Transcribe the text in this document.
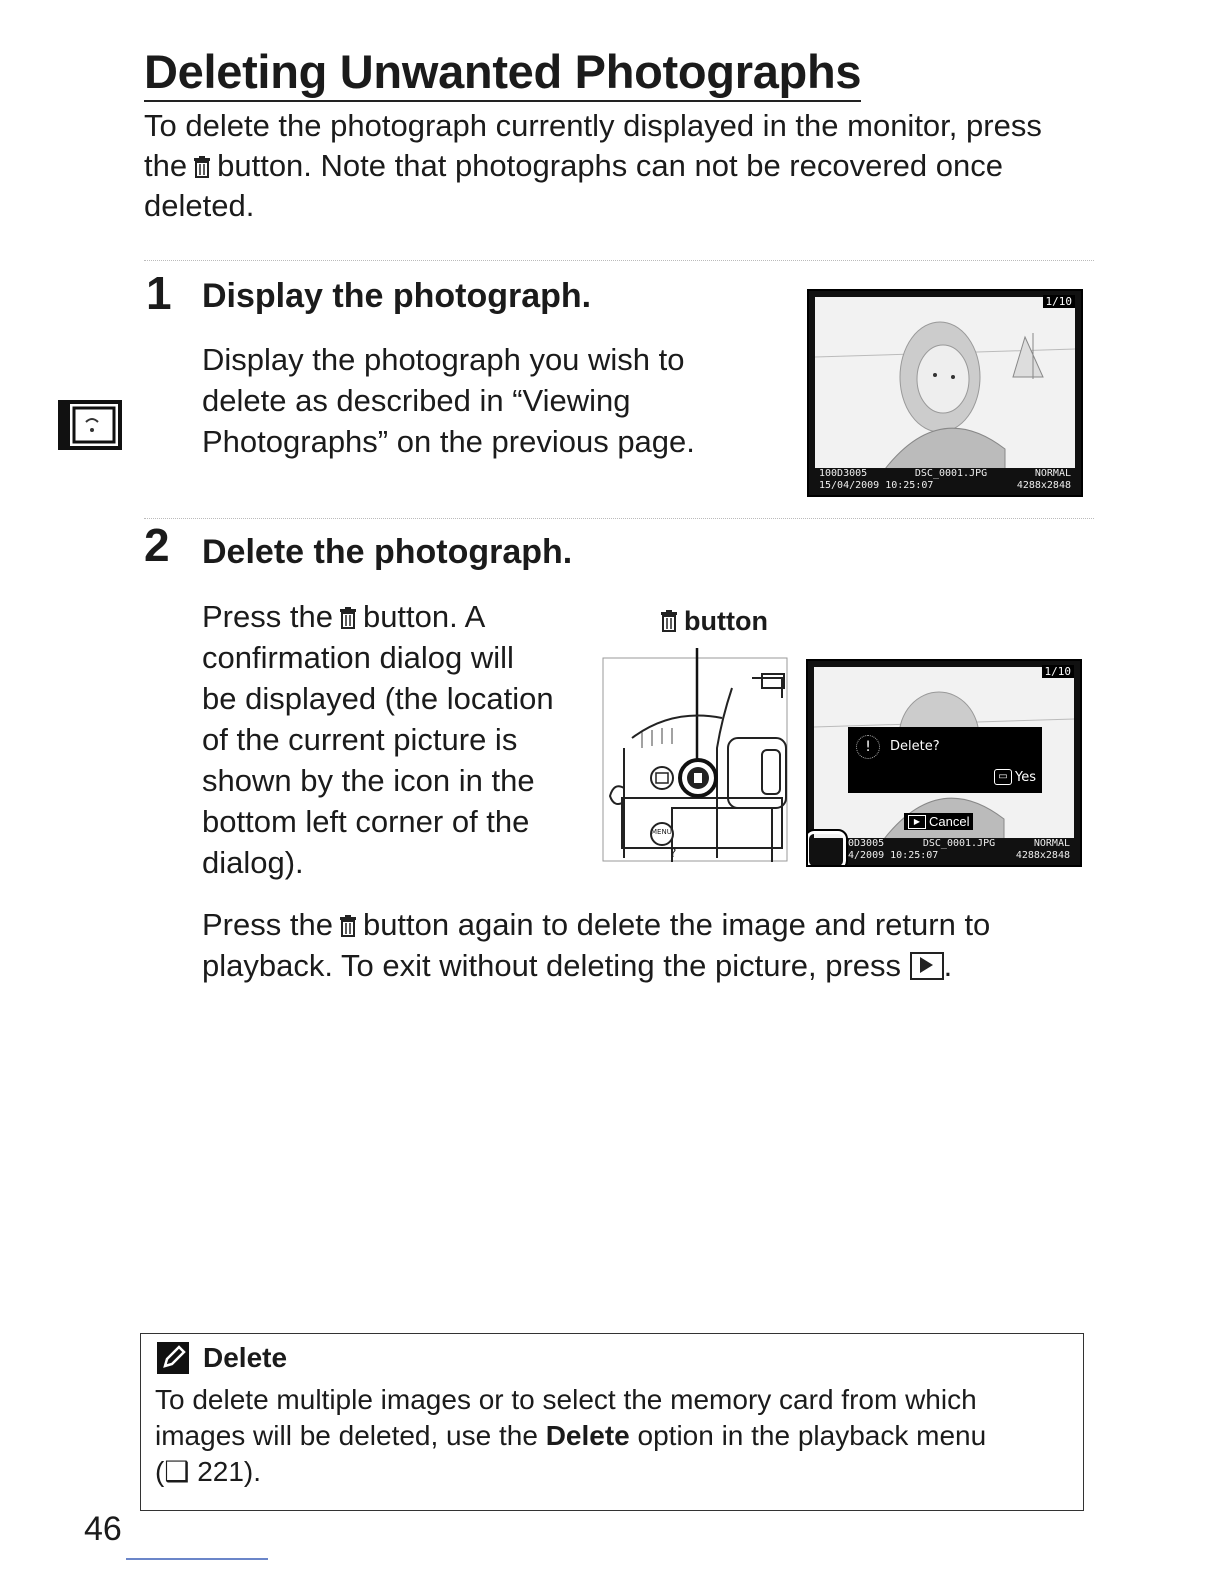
Deleting Unwanted Photographs
To delete the photograph currently displayed in the monitor, press
the button. Note that photographs can not be recovered once
deleted.
1 Display the photograph.
Display the photograph you wish to
delete as described in “Viewing
Photographs” on the previous page.
1/10
100D3005	DSC_0001.JPG	NORMAL
15/04/2009 10:25:07	4288x2848
2 Delete the photograph.
Press the button. A
confirmation dialog will
be displayed (the location
of the current picture is
shown by the icon in the
bottom left corner of the
dialog).
button
MENU
?
1/10
!	Delete?
▭ Yes
▶ Cancel
0D3005	DSC_0001.JPG	NORMAL
4/2009 10:25:07	4288x2848
Press the button again to delete the image and return to
playback. To exit without deleting the picture, press .
Delete
To delete multiple images or to select the memory card from which
images will be deleted, use the Delete option in the playback menu
(❑ 221).
46
